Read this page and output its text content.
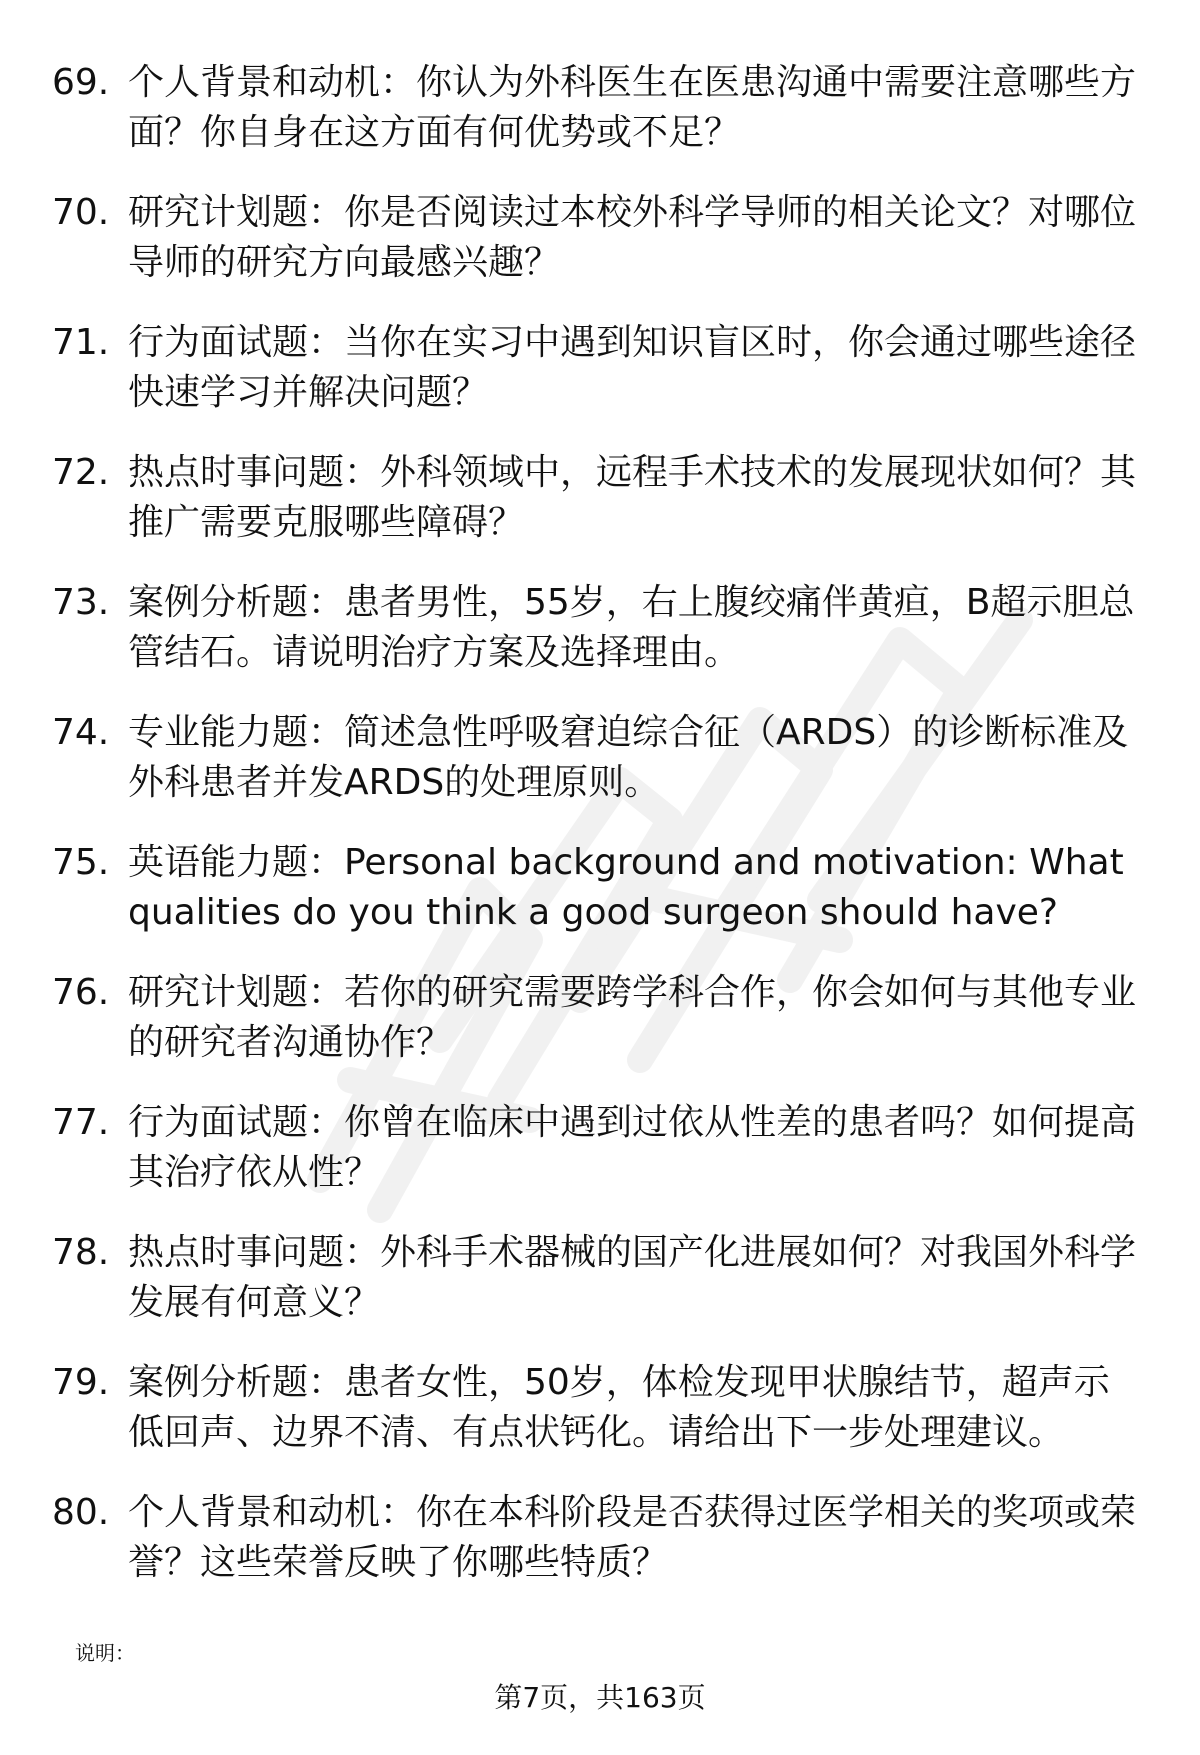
69. 个人背景和动机：你认为外科医生在医患沟通中需要注意哪些方面？你自身在这方面有何优势或不足？
70. 研究计划题：你是否阅读过本校外科学导师的相关论文？对哪位导师的研究方向最感兴趣？
71. 行为面试题：当你在实习中遇到知识盲区时，你会通过哪些途径快速学习并解决问题？
72. 热点时事问题：外科领域中，远程手术技术的发展现状如何？其推广需要克服哪些障碍？
73. 案例分析题：患者男性，55岁，右上腹绞痛伴黄疸，B超示胆总管结石。请说明治疗方案及选择理由。
74. 专业能力题：简述急性呼吸窘迫综合征（ARDS）的诊断标准及外科患者并发ARDS的处理原则。
75. 英语能力题：Personal background and motivation: What qualities do you think a good surgeon should have?
76. 研究计划题：若你的研究需要跨学科合作，你会如何与其他专业的研究者沟通协作？
77. 行为面试题：你曾在临床中遇到过依从性差的患者吗？如何提高其治疗依从性？
78. 热点时事问题：外科手术器械的国产化进展如何？对我国外科学发展有何意义？
79. 案例分析题：患者女性，50岁，体检发现甲状腺结节，超声示低回声、边界不清、有点状钙化。请给出下一步处理建议。
80. 个人背景和动机：你在本科阶段是否获得过医学相关的奖项或荣誉？这些荣誉反映了你哪些特质？
说明：
第7页，共163页
